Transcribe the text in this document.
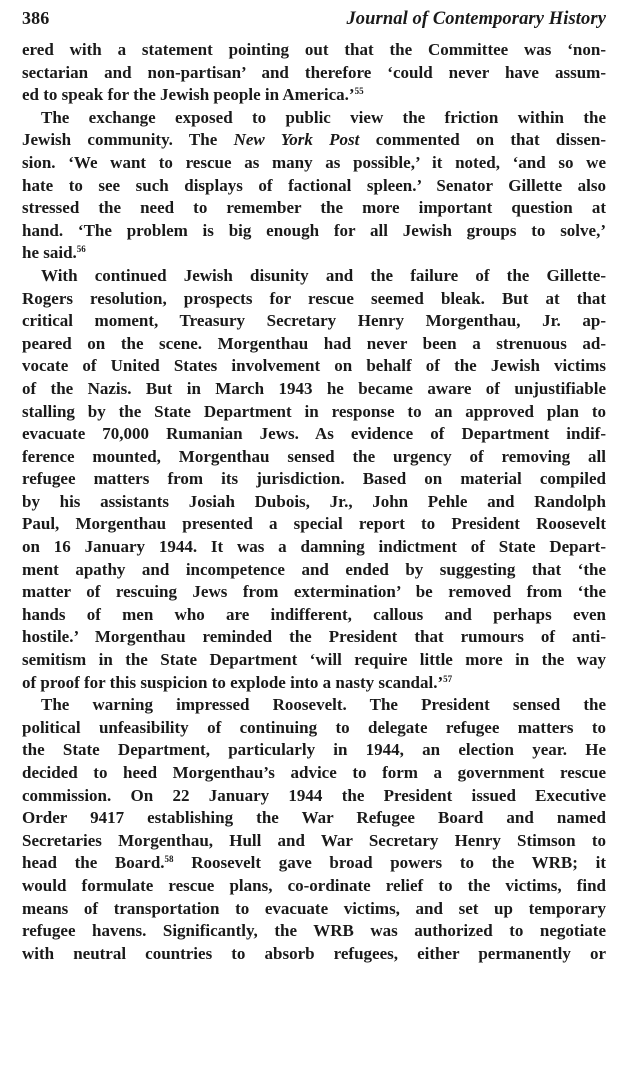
386	Journal of Contemporary History

ered with a statement pointing out that the Committee was ‘non-
sectarian and non-partisan’ and therefore ‘could never have assum-
ed to speak for the Jewish people in America.’$^{55}$

The exchange exposed to public view the friction within the
Jewish community. The New York Post commented on that dissen-
sion. ‘We want to rescue as many as possible,’ it noted, ‘and so we
hate to see such displays of factional spleen.’ Senator Gillette also
stressed the need to remember the more important question at
hand. ‘The problem is big enough for all Jewish groups to solve,’
he said.$^{56}$

With continued Jewish disunity and the failure of the Gillette-
Rogers resolution, prospects for rescue seemed bleak. But at that
critical moment, Treasury Secretary Henry Morgenthau, Jr. ap-
peared on the scene. Morgenthau had never been a strenuous ad-
vocate of United States involvement on behalf of the Jewish victims
of the Nazis. But in March 1943 he became aware of unjustifiable
stalling by the State Department in response to an approved plan to
evacuate 70,000 Rumanian Jews. As evidence of Department indif-
ference mounted, Morgenthau sensed the urgency of removing all
refugee matters from its jurisdiction. Based on material compiled
by his assistants Josiah Dubois, Jr., John Pehle and Randolph
Paul, Morgenthau presented a special report to President Roosevelt
on 16 January 1944. It was a damning indictment of State Depart-
ment apathy and incompetence and ended by suggesting that ‘the
matter of rescuing Jews from extermination’ be removed from ‘the
hands of men who are indifferent, callous and perhaps even
hostile.’ Morgenthau reminded the President that rumours of anti-
semitism in the State Department ‘will require little more in the way
of proof for this suspicion to explode into a nasty scandal.’$^{57}$

The warning impressed Roosevelt. The President sensed the
political unfeasibility of continuing to delegate refugee matters to
the State Department, particularly in 1944, an election year. He
decided to heed Morgenthau’s advice to form a government rescue
commission. On 22 January 1944 the President issued Executive
Order 9417 establishing the War Refugee Board and named
Secretaries Morgenthau, Hull and War Secretary Henry Stimson to
head the Board.$^{58}$ Roosevelt gave broad powers to the WRB; it
would formulate rescue plans, co-ordinate relief to the victims, find
means of transportation to evacuate victims, and set up temporary
refugee havens. Significantly, the WRB was authorized to negotiate
with neutral countries to absorb refugees, either permanently or
